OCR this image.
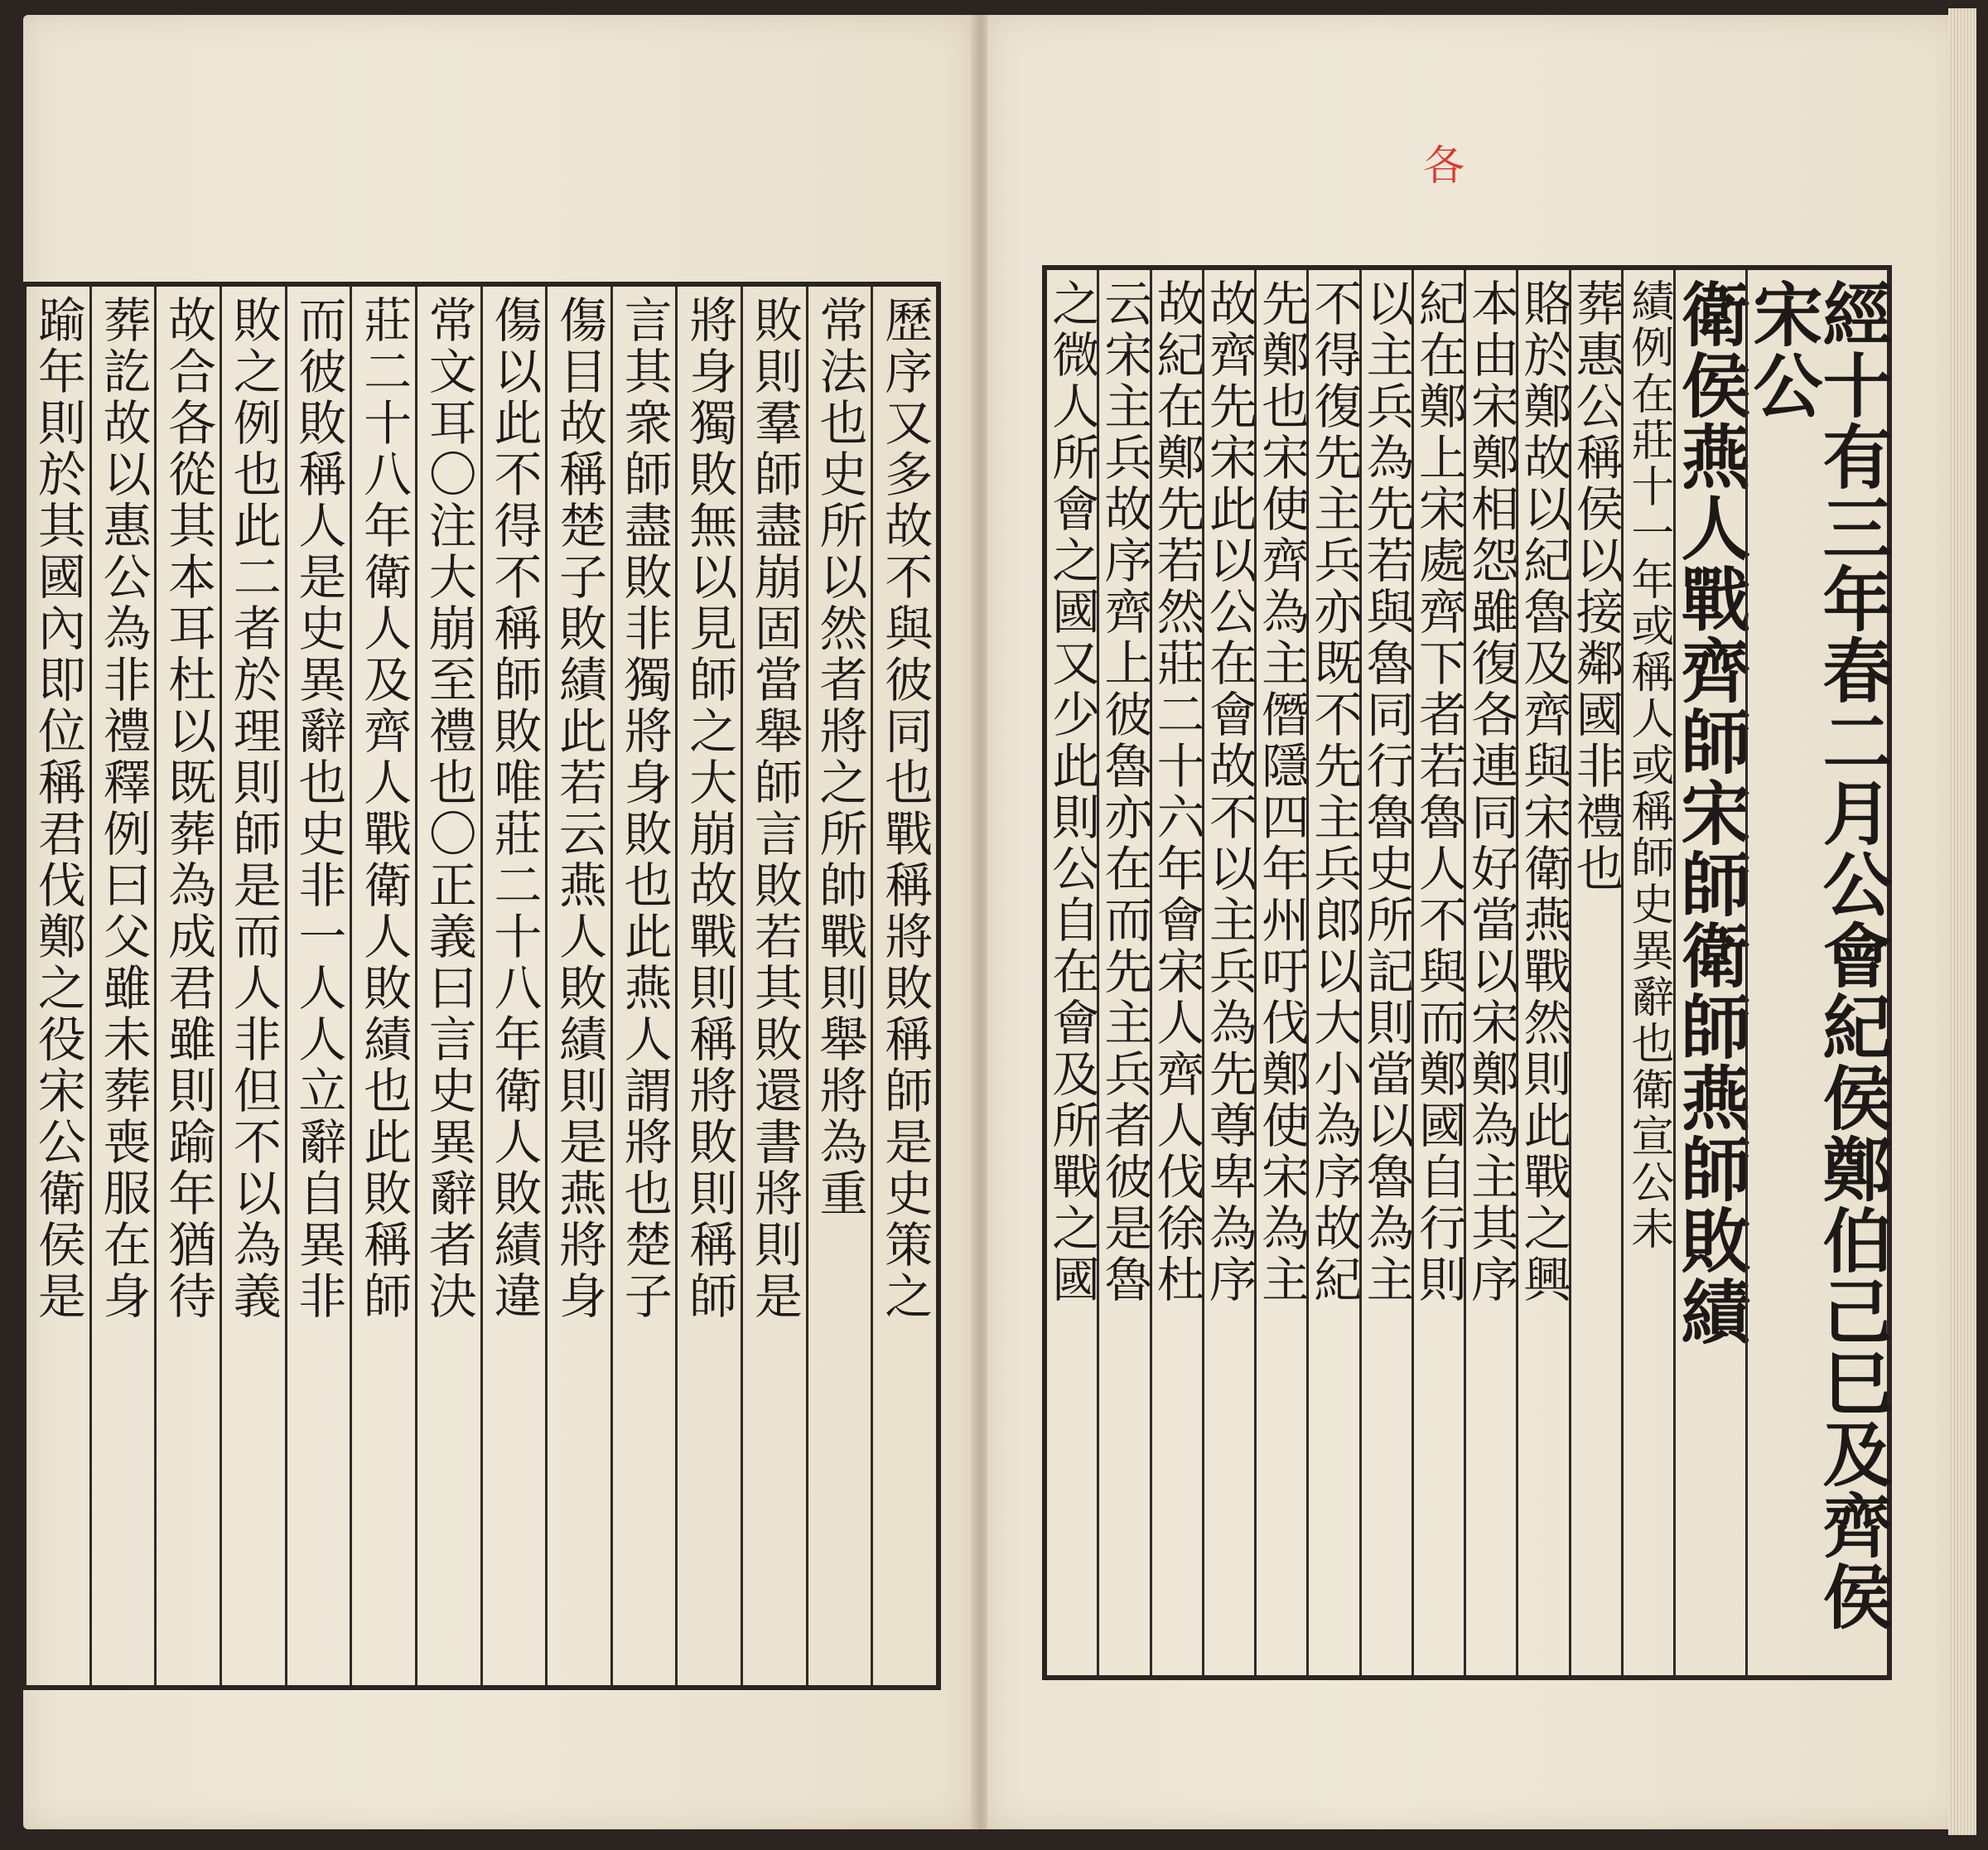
各
歷序又多故不與彼同也戰稱將敗稱師是史策之
常法也史所以然者將之所帥戰則舉將為重
敗則羣師盡崩固當舉師言敗若其敗還書將則是
將身獨敗無以見師之大崩故戰則稱將敗則稱師
言其衆師盡敗非獨將身敗也此燕人謂將也楚子
傷目故稱楚子敗績此若云燕人敗績則是燕將身
傷以此不得不稱師敗唯莊二十八年衛人敗績違
常文耳〇注大崩至禮也〇正義曰言史異辭者決
莊二十八年衛人及齊人戰衛人敗績也此敗稱師
而彼敗稱人是史異辭也史非一人人立辭自異非
敗之例也此二者於理則師是而人非但不以為義
故合各從其本耳杜以既葬為成君雖則踰年猶待
葬訖故以惠公為非禮釋例曰父雖未葬喪服在身
踰年則於其國內即位稱君伐鄭之役宋公衛侯是	經十有三年春二月公會紀侯鄭伯己巳及齊侯宋公
衛侯燕人戰齊師宋師衛師燕師敗績
績例在莊十一年或稱人或稱師史異辭也衛宣公未
葬惠公稱侯以接鄰國非禮也
賂於鄭故以紀魯及齊與宋衛燕戰然則此戰之興
本由宋鄭相怨雖復各連同好當以宋鄭為主其序
紀在鄭上宋處齊下者若魯人不與而鄭國自行則
以主兵為先若與魯同行魯史所記則當以魯為主
不得復先主兵亦既不先主兵郎以大小為序故紀
先鄭也宋使齊為主僭隱四年州吁伐鄭使宋為主
故齊先宋此以公在會故不以主兵為先尊卑為序
故紀在鄭先若然莊二十六年會宋人齊人伐徐杜
云宋主兵故序齊上彼魯亦在而先主兵者彼是魯
之微人所會之國又少此則公自在會及所戰之國
